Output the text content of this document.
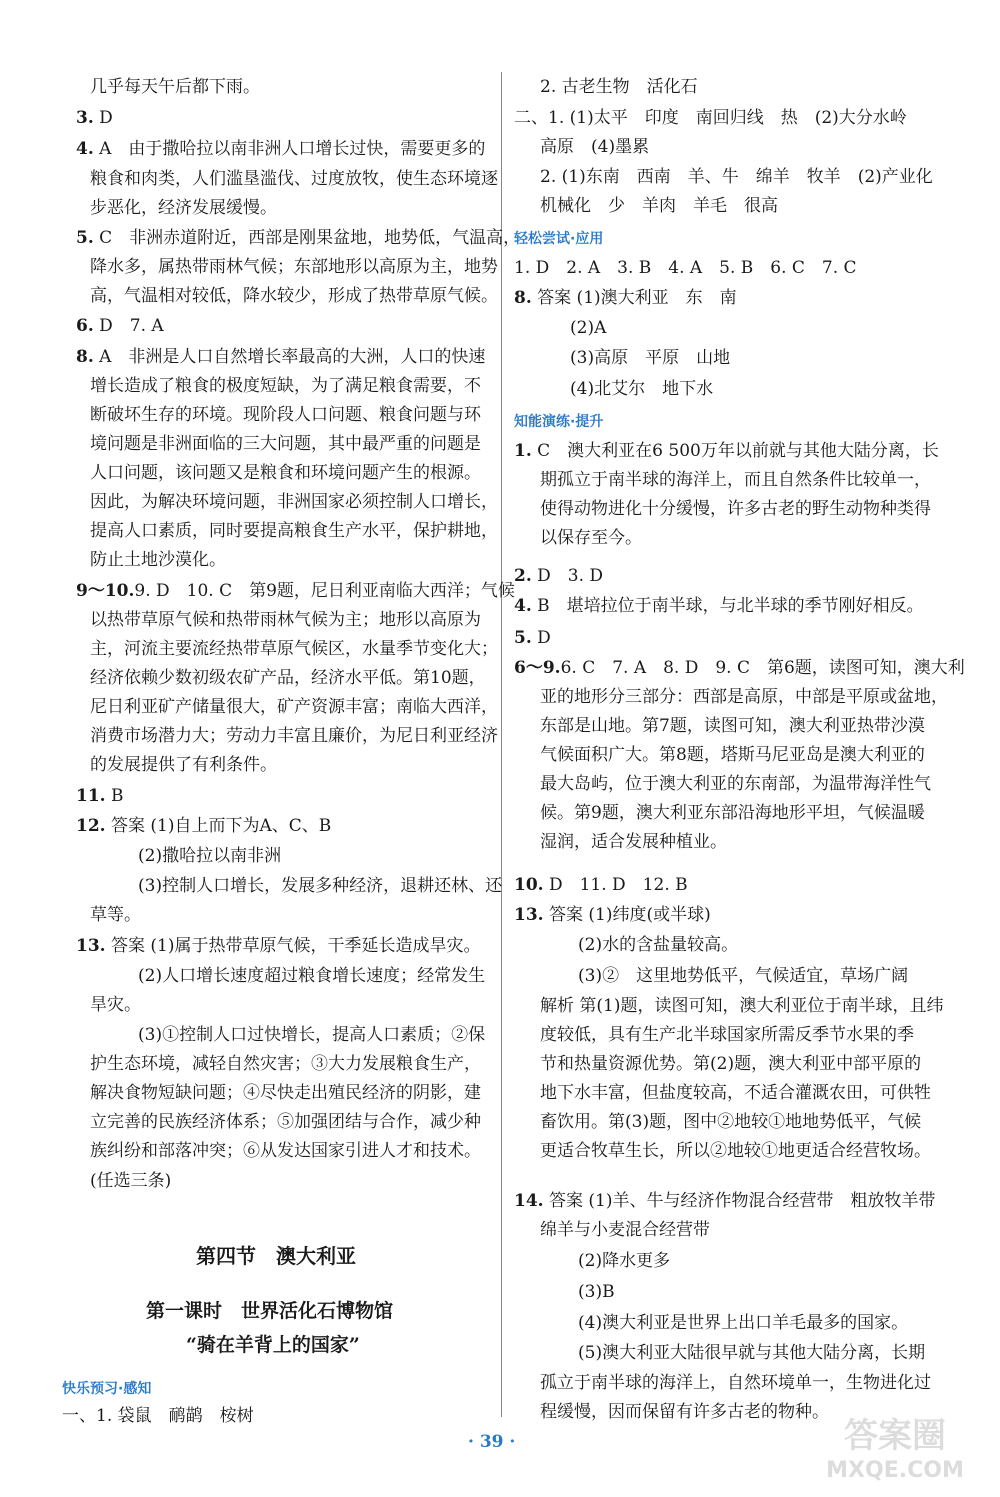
第四节　澳大利亚
第一课时　世界活化石博物馆
“骑在羊背上的国家”
快乐预习·感知
· 39 ·	答案圈
MXQE.COM
几乎每天午后都下雨。
3. D
4. A　由于撒哈拉以南非洲人口增长过快，需要更多的
粮食和肉类，人们滥垦滥伐、过度放牧，使生态环境逐
步恶化，经济发展缓慢。
5. C　非洲赤道附近，西部是刚果盆地，地势低，气温高，
降水多，属热带雨林气候；东部地形以高原为主，地势
高，气温相对较低，降水较少，形成了热带草原气候。
6. D　7. A
8. A　非洲是人口自然增长率最高的大洲，人口的快速
增长造成了粮食的极度短缺，为了满足粮食需要，不
断破坏生存的环境。现阶段人口问题、粮食问题与环
境问题是非洲面临的三大问题，其中最严重的问题是
人口问题，该问题又是粮食和环境问题产生的根源。
因此，为解决环境问题，非洲国家必须控制人口增长，
提高人口素质，同时要提高粮食生产水平，保护耕地，
防止土地沙漠化。
9～10.9. D　10. C　第9题，尼日利亚南临大西洋；气候
以热带草原气候和热带雨林气候为主；地形以高原为
主，河流主要流经热带草原气候区，水量季节变化大；
经济依赖少数初级农矿产品，经济水平低。第10题，
尼日利亚矿产储量很大，矿产资源丰富；南临大西洋，
消费市场潜力大；劳动力丰富且廉价，为尼日利亚经济
的发展提供了有利条件。
11. B
12. 答案 (1)自上而下为A、C、B
(2)撒哈拉以南非洲
(3)控制人口增长，发展多种经济，退耕还林、还
草等。
13. 答案 (1)属于热带草原气候，干季延长造成旱灾。
(2)人口增长速度超过粮食增长速度；经常发生
旱灾。
(3)①控制人口过快增长，提高人口素质；②保
护生态环境，减轻自然灾害；③大力发展粮食生产，
解决食物短缺问题；④尽快走出殖民经济的阴影，建
立完善的民族经济体系；⑤加强团结与合作，减少种
族纠纷和部落冲突；⑥从发达国家引进人才和技术。
(任选三条)
一、1. 袋鼠　鸸鹋　桉树
2. 古老生物　活化石
二、1. (1)太平　印度　南回归线　热　(2)大分水岭
高原　(4)墨累
2. (1)东南　西南　羊、牛　绵羊　牧羊　(2)产业化
机械化　少　羊肉　羊毛　很高
1. D　2. A　3. B　4. A　5. B　6. C　7. C
8. 答案 (1)澳大利亚　东　南
(2)A
(3)高原　平原　山地
(4)北艾尔　地下水
1. C　澳大利亚在6 500万年以前就与其他大陆分离，长
期孤立于南半球的海洋上，而且自然条件比较单一，
使得动物进化十分缓慢，许多古老的野生动物种类得
以保存至今。
2. D　3. D
4. B　堪培拉位于南半球，与北半球的季节刚好相反。
5. D
6～9.6. C　7. A　8. D　9. C　第6题，读图可知，澳大利
亚的地形分三部分：西部是高原，中部是平原或盆地，
东部是山地。第7题，读图可知，澳大利亚热带沙漠
气候面积广大。第8题，塔斯马尼亚岛是澳大利亚的
最大岛屿，位于澳大利亚的东南部，为温带海洋性气
候。第9题，澳大利亚东部沿海地形平坦，气候温暖
湿润，适合发展种植业。
10. D　11. D　12. B
13. 答案 (1)纬度(或半球)
(2)水的含盐量较高。
(3)②　这里地势低平，气候适宜，草场广阔
解析 第(1)题，读图可知，澳大利亚位于南半球，且纬
度较低，具有生产北半球国家所需反季节水果的季
节和热量资源优势。第(2)题，澳大利亚中部平原的
地下水丰富，但盐度较高，不适合灌溉农田，可供牲
畜饮用。第(3)题，图中②地较①地地势低平，气候
更适合牧草生长，所以②地较①地更适合经营牧场。
14. 答案 (1)羊、牛与经济作物混合经营带　粗放牧羊带
绵羊与小麦混合经营带
(2)降水更多
(3)B
(4)澳大利亚是世界上出口羊毛最多的国家。
(5)澳大利亚大陆很早就与其他大陆分离，长期
孤立于南半球的海洋上，自然环境单一，生物进化过
程缓慢，因而保留有许多古老的物种。
轻松尝试·应用
知能演练·提升
